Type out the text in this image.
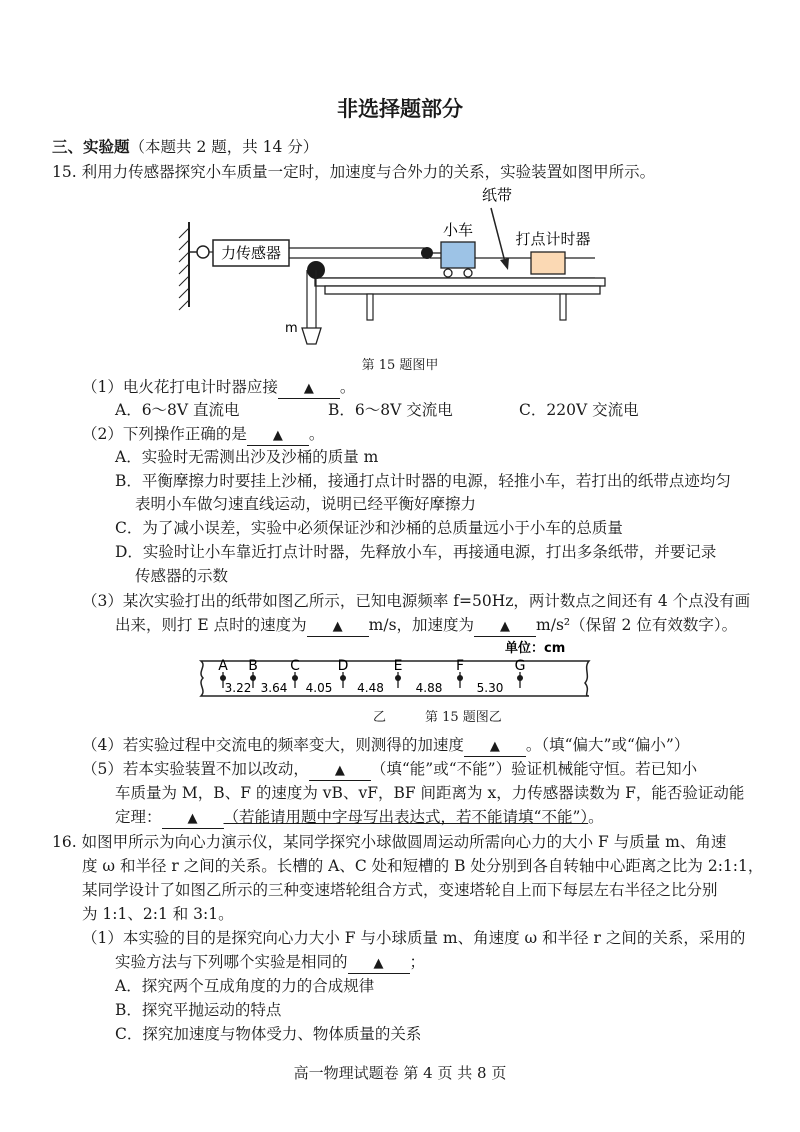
非选择题部分
三、实验题（本题共 2 题，共 14 分）
15. 利用力传感器探究小车质量一定时，加速度与合外力的关系，实验装置如图甲所示。
力传感器
m
小车
纸带
打点计时器
第 15 题图甲
（1）电火花打电计时器应接 ▲ 。
A．6～8V 直流电	B．6～8V 交流电	C．220V 交流电
（2）下列操作正确的是 ▲ 。
A．实验时无需测出沙及沙桶的质量 m
B．平衡摩擦力时要挂上沙桶，接通打点计时器的电源，轻推小车，若打出的纸带点迹均匀
表明小车做匀速直线运动，说明已经平衡好摩擦力
C．为了减小误差，实验中必须保证沙和沙桶的总质量远小于小车的总质量
D．实验时让小车靠近打点计时器，先释放小车，再接通电源，打出多条纸带，并要记录
传感器的示数
（3）某次实验打出的纸带如图乙所示，已知电源频率 f=50Hz，两计数点之间还有 4 个点没有画
出来，则打 E 点时的速度为 ▲ m/s，加速度为 ▲ m/s²（保留 2 位有效数字）。
单位：cm
A B C	D	E	F	G
3.22 3.64 4.05 4.48	4.88	5.30
乙	第 15 题图乙
（4）若实验过程中交流电的频率变大，则测得的加速度 ▲ 。（填“偏大”或“偏小”）
（5）若本实验装置不加以改动， ▲ （填“能”或“不能”）验证机械能守恒。若已知小
车质量为 M，B、F 的速度为 vB、vF，BF 间距离为 x，力传感器读数为 F，能否验证动能
定理： ▲ （若能请用题中字母写出表达式，若不能请填“不能”）。
16. 如图甲所示为向心力演示仪，某同学探究小球做圆周运动所需向心力的大小 F 与质量 m、角速
度 ω 和半径 r 之间的关系。长槽的 A、C 处和短槽的 B 处分别到各自转轴中心距离之比为 2:1:1，
某同学设计了如图乙所示的三种变速塔轮组合方式，变速塔轮自上而下每层左右半径之比分别
为 1:1、2:1 和 3:1。
（1）本实验的目的是探究向心力大小 F 与小球质量 m、角速度 ω 和半径 r 之间的关系，采用的
实验方法与下列哪个实验是相同的 ▲ ；
A．探究两个互成角度的力的合成规律
B．探究平抛运动的特点
C．探究加速度与物体受力、物体质量的关系
高一物理试题卷 第 4 页 共 8 页
